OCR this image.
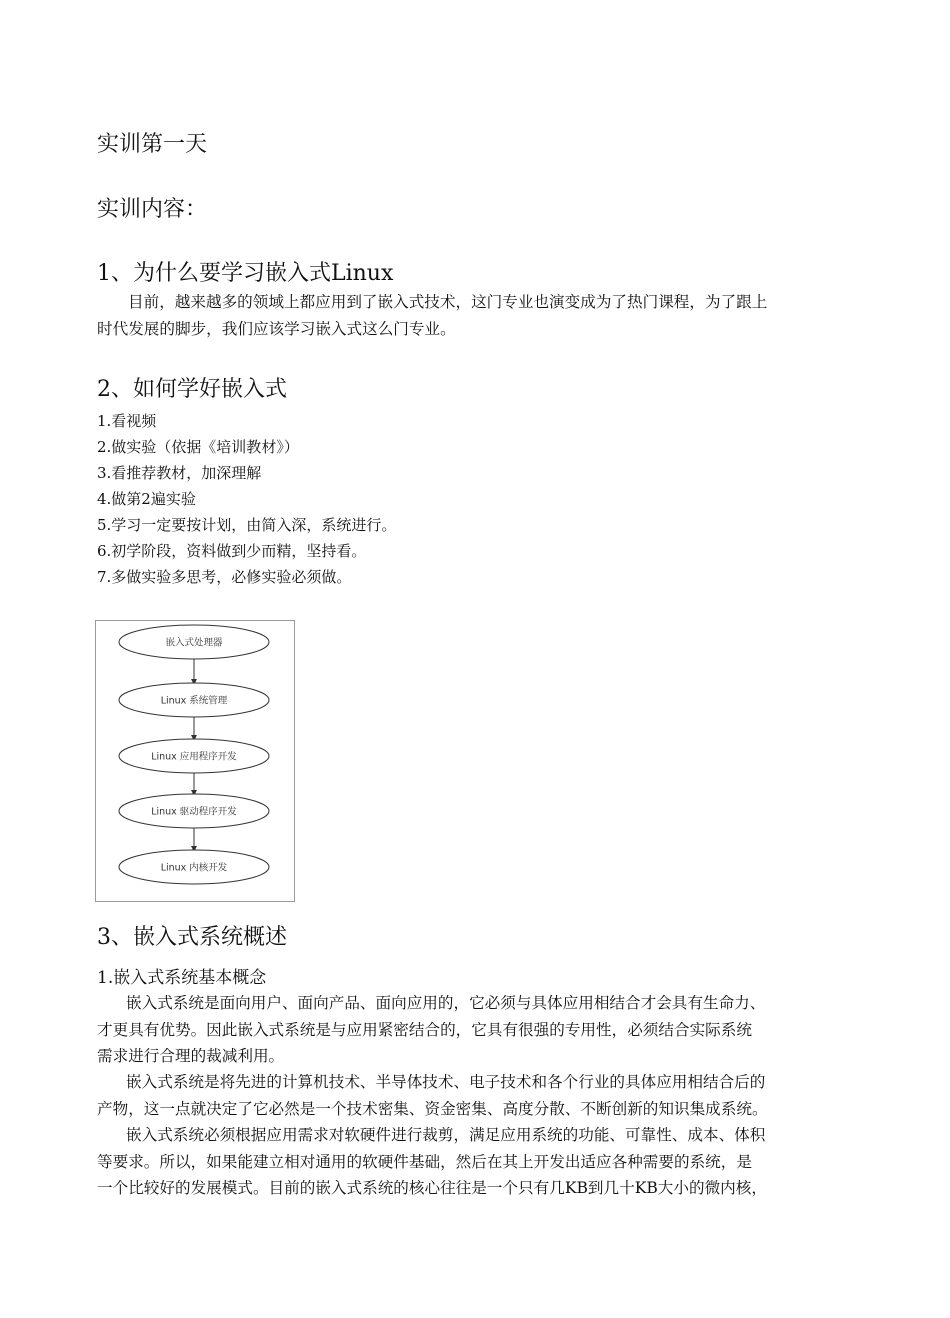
实训第一天
实训内容：
1、为什么要学习嵌入式Linux
目前，越来越多的领域上都应用到了嵌入式技术，这门专业也演变成为了热门课程，为了跟上
时代发展的脚步，我们应该学习嵌入式这么门专业。
2、如何学好嵌入式
1.看视频
2.做实验（依据《培训教材》）
3.看推荐教材，加深理解
4.做第2遍实验
5.学习一定要按计划，由简入深，系统进行。
6.初学阶段，资料做到少而精，坚持看。
7.多做实验多思考，必修实验必须做。
嵌入式处理器
Linux 系统管理
Linux 应用程序开发
Linux 驱动程序开发
Linux 内核开发
3、嵌入式系统概述
1.嵌入式系统基本概念
嵌入式系统是面向用户、面向产品、面向应用的，它必须与具体应用相结合才会具有生命力、
才更具有优势。因此嵌入式系统是与应用紧密结合的，它具有很强的专用性，必须结合实际系统
需求进行合理的裁减利用。
嵌入式系统是将先进的计算机技术、半导体技术、电子技术和各个行业的具体应用相结合后的
产物，这一点就决定了它必然是一个技术密集、资金密集、高度分散、不断创新的知识集成系统。
嵌入式系统必须根据应用需求对软硬件进行裁剪，满足应用系统的功能、可靠性、成本、体积
等要求。所以，如果能建立相对通用的软硬件基础，然后在其上开发出适应各种需要的系统，是
一个比较好的发展模式。目前的嵌入式系统的核心往往是一个只有几KB到几十KB大小的微内核，
